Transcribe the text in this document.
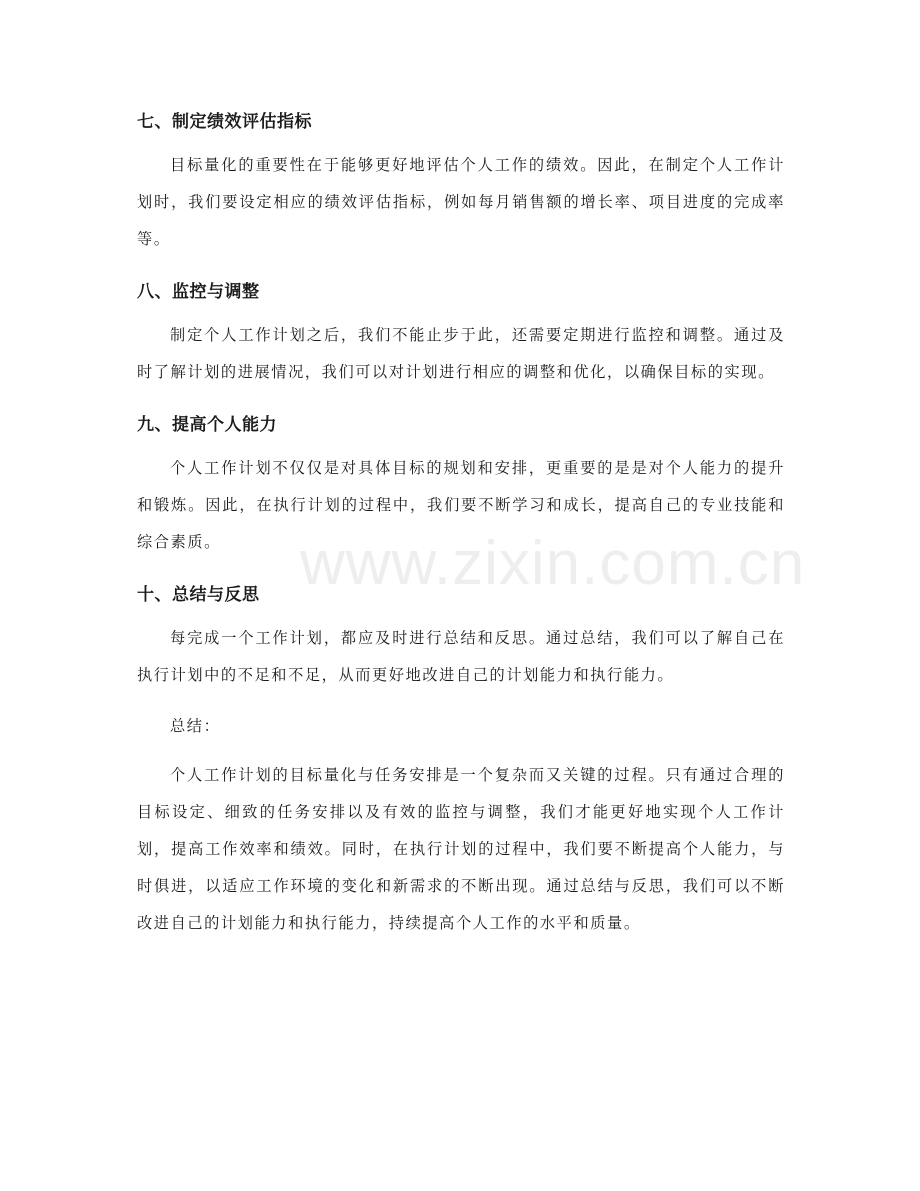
七、制定绩效评估指标

目标量化的重要性在于能够更好地评估个人工作的绩效。因此，在制定个人工作计划时，我们要设定相应的绩效评估指标，例如每月销售额的增长率、项目进度的完成率等。

八、监控与调整

制定个人工作计划之后，我们不能止步于此，还需要定期进行监控和调整。通过及时了解计划的进展情况，我们可以对计划进行相应的调整和优化，以确保目标的实现。

九、提高个人能力

个人工作计划不仅仅是对具体目标的规划和安排，更重要的是是对个人能力的提升和锻炼。因此，在执行计划的过程中，我们要不断学习和成长，提高自己的专业技能和综合素质。

十、总结与反思

每完成一个工作计划，都应及时进行总结和反思。通过总结，我们可以了解自己在执行计划中的不足和不足，从而更好地改进自己的计划能力和执行能力。

总结：

个人工作计划的目标量化与任务安排是一个复杂而又关键的过程。只有通过合理的目标设定、细致的任务安排以及有效的监控与调整，我们才能更好地实现个人工作计划，提高工作效率和绩效。同时，在执行计划的过程中，我们要不断提高个人能力，与时俱进，以适应工作环境的变化和新需求的不断出现。通过总结与反思，我们可以不断改进自己的计划能力和执行能力，持续提高个人工作的水平和质量。

www.zixin.com.cn
